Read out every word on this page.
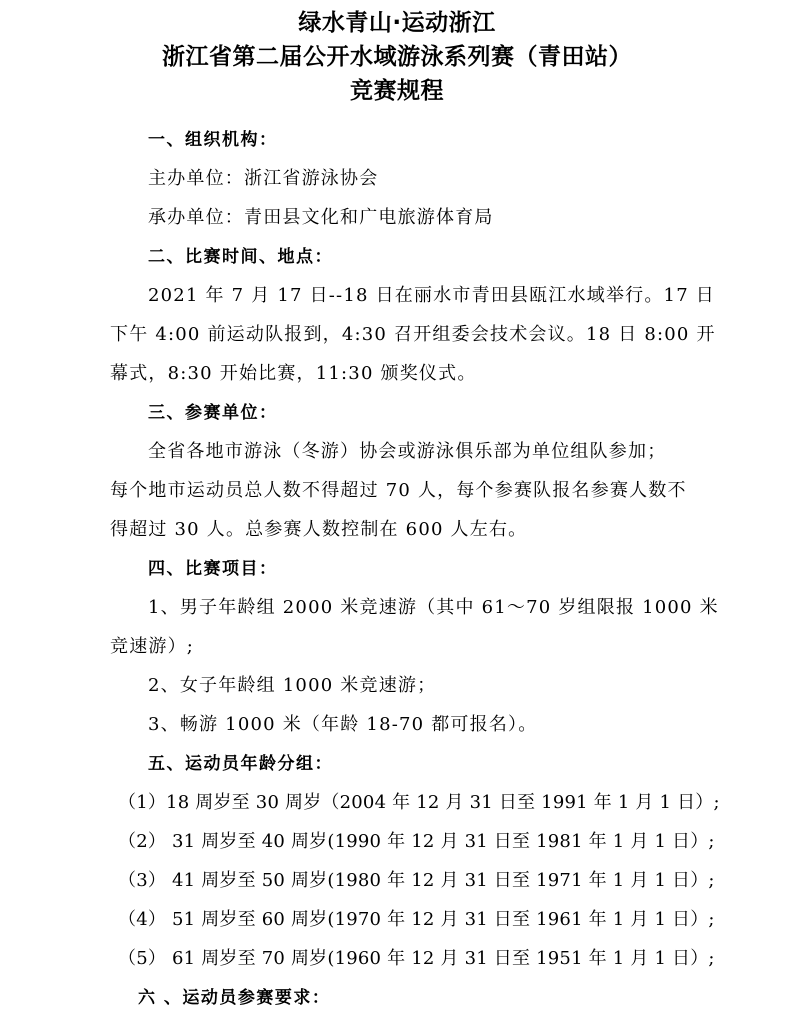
绿水青山·运动浙江
浙江省第二届公开水域游泳系列赛（青田站）
竞赛规程
一、组织机构：
主办单位：浙江省游泳协会
承办单位：青田县文化和广电旅游体育局
二、比赛时间、地点：
2021 年 7 月 17 日--18 日在丽水市青田县瓯江水域举行。17 日
下午 4:00 前运动队报到，4:30 召开组委会技术会议。18 日 8:00 开
幕式，8:30 开始比赛，11:30 颁奖仪式。
三、参赛单位：
全省各地市游泳（冬游）协会或游泳俱乐部为单位组队参加；
每个地市运动员总人数不得超过 70 人，每个参赛队报名参赛人数不
得超过 30 人。总参赛人数控制在 600 人左右。
四、比赛项目：
1、男子年龄组 2000 米竞速游（其中 61～70 岁组限报 1000 米
竞速游）;
2、女子年龄组 1000 米竞速游；
3、畅游 1000 米（年龄 18-70 都可报名）。
五、运动员年龄分组：
（1）18 周岁至 30 周岁（2004 年 12 月 31 日至 1991 年 1 月 1 日）;
（2） 31 周岁至 40 周岁(1990 年 12 月 31 日至 1981 年 1 月 1 日）;
（3） 41 周岁至 50 周岁(1980 年 12 月 31 日至 1971 年 1 月 1 日）;
（4） 51 周岁至 60 周岁(1970 年 12 月 31 日至 1961 年 1 月 1 日）;
（5） 61 周岁至 70 周岁(1960 年 12 月 31 日至 1951 年 1 月 1 日）;
六 、运动员参赛要求：
